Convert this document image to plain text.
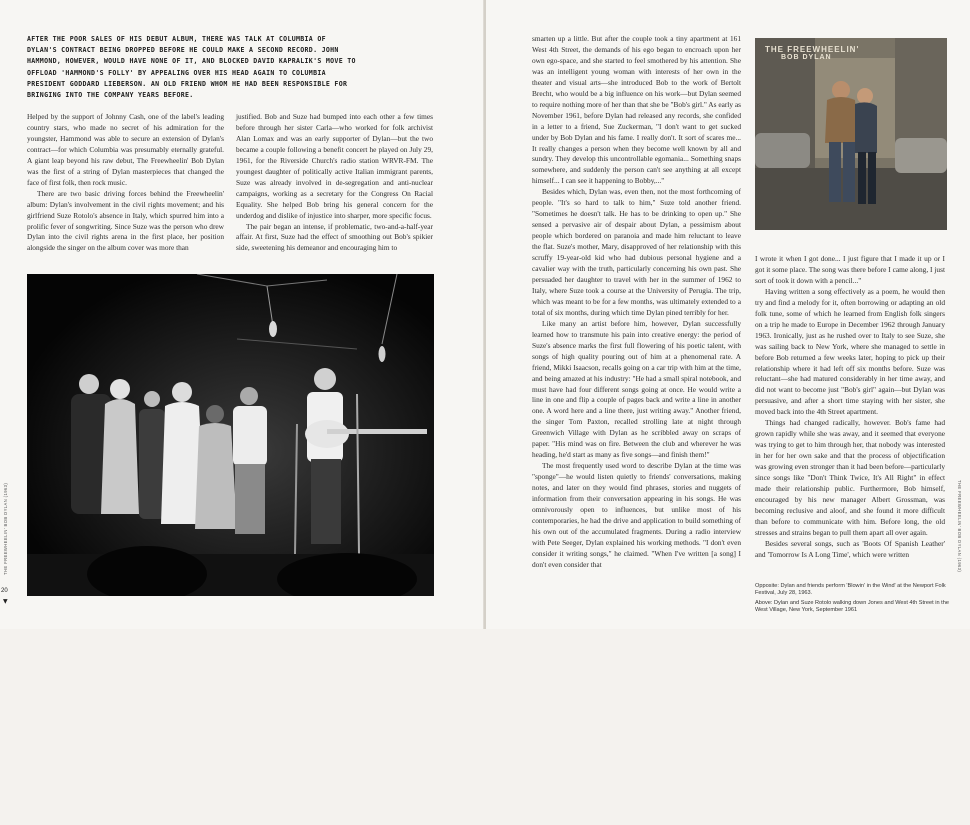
AFTER THE POOR SALES OF HIS DEBUT ALBUM, THERE WAS TALK AT COLUMBIA OF DYLAN'S CONTRACT BEING DROPPED BEFORE HE COULD MAKE A SECOND RECORD. JOHN HAMMOND, HOWEVER, WOULD HAVE NONE OF IT, AND BLOCKED DAVID KAPRALIK'S MOVE TO OFFLOAD 'HAMMOND'S FOLLY' BY APPEALING OVER HIS HEAD AGAIN TO COLUMBIA PRESIDENT GODDARD LIEBERSON. AN OLD FRIEND WHOM HE HAD BEEN RESPONSIBLE FOR BRINGING INTO THE COMPANY YEARS BEFORE.

Helped by the support of Johnny Cash, one of the label's leading country stars, who made no secret of his admiration for the youngster, Hammond was able to secure an extension of Dylan's contract—for which Columbia was presumably eternally grateful. A giant leap beyond his raw debut, The Freewheelin' Bob Dylan was the first of a string of Dylan masterpieces that changed the face of first folk, then rock music.

There are two basic driving forces behind the Freewheelin' album: Dylan's involvement in the civil rights movement; and his girlfriend Suze Rotolo's absence in Italy, which spurred him into a prolific fever of songwriting. Since Suze was the person who drew Dylan into the civil rights arena in the first place, her position alongside the singer on the album cover was more than

justified. Bob and Suze had bumped into each other a few times before through her sister Carla—who worked for folk archivist Alan Lomax and was an early supporter of Dylan—but the two became a couple following a benefit concert he played on July 29, 1961, for the Riverside Church's radio station WRVR-FM. The youngest daughter of politically active Italian immigrant parents, Suze was already involved in de-segregation and anti-nuclear campaigns, working as a secretary for the Congress On Racial Equality. She helped Bob bring his general concern for the underdog and dislike of injustice into sharper, more specific focus.

The pair began an intense, if problematic, two-and-a-half-year affair. At first, Suze had the effect of smoothing out Bob's spikier side, sweetening his demeanor and encouraging him to

THE FREEWHEELIN' BOB DYLAN (1963)
20
▼

smarten up a little. But after the couple took a tiny apartment at 161 West 4th Street, the demands of his ego began to encroach upon her own ego-space, and she started to feel smothered by his attention. She was an intelligent young woman with interests of her own in the theater and visual arts—she introduced Bob to the work of Bertolt Brecht, who would be a big influence on his work—but Dylan seemed to require nothing more of her than that she be "Bob's girl." As early as November 1961, before Dylan had released any records, she confided in a letter to a friend, Sue Zuckerman, "I don't want to get sucked under by Bob Dylan and his fame. I really don't. It sort of scares me... It really changes a person when they become well known by all and sundry. They develop this uncontrollable egomania... Something snaps somewhere, and suddenly the person can't see anything at all except himself... I can see it happening to Bobby,..."

Besides which, Dylan was, even then, not the most forthcoming of people. "It's so hard to talk to him," Suze told another friend. "Sometimes he doesn't talk. He has to be drinking to open up." She sensed a pervasive air of despair about Dylan, a pessimism about people which bordered on paranoia and made him reluctant to leave the flat. Suze's mother, Mary, disapproved of her relationship with this scruffy 19-year-old kid who had dubious personal hygiene and a cavalier way with the truth, particularly concerning his own past. She persuaded her daughter to travel with her in the summer of 1962 to Italy, where Suze took a course at the University of Perugia. The trip, which was meant to be for a few months, was ultimately extended to a total of six months, during which time Dylan pined terribly for her.

Like many an artist before him, however, Dylan successfully learned how to transmute his pain into creative energy: the period of Suze's absence marks the first full flowering of his poetic talent, with songs of high quality pouring out of him at a phenomenal rate. A friend, Mikki Isaacson, recalls going on a car trip with him at the time, and being amazed at his industry: "He had a small spiral notebook, and must have had four different songs going at once. He would write a line in one and flip a couple of pages back and write a line in another one. A word here and a line there, just writing away." Another friend, the singer Tom Paxton, recalled strolling late at night through Greenwich Village with Dylan as he scribbled away on scraps of paper. "His mind was on fire. Between the club and wherever he was heading, he'd start as many as five songs—and finish them!"

The most frequently used word to describe Dylan at the time was "sponge"—he would listen quietly to friends' conversations, making notes, and later on they would find phrases, stories and nuggets of information from their conversation appearing in his songs. He was omnivorously open to influences, but unlike most of his contemporaries, he had the drive and application to build something of his own out of the accumulated fragments. During a radio interview with Pete Seeger, Dylan explained his working methods. "I don't even consider it writing songs," he claimed. "When I've written [a song] I don't even consider that

THE FREEWHEELIN'
BOB DYLAN

I wrote it when I got done... I just figure that I made it up or I got it some place. The song was there before I came along, I just sort of took it down with a pencil..."

Having written a song effectively as a poem, he would then try and find a melody for it, often borrowing or adapting an old folk tune, some of which he learned from English folk singers on a trip he made to Europe in December 1962 through January 1963. Ironically, just as he rushed over to Italy to see Suze, she was sailing back to New York, where she managed to settle in before Bob returned a few weeks later, hoping to pick up their relationship where it had left off six months before. Suze was reluctant—she had matured considerably in her time away, and did not want to become just "Bob's girl" again—but Dylan was persuasive, and after a short time staying with her sister, she moved back into the 4th Street apartment.

Things had changed radically, however. Bob's fame had grown rapidly while she was away, and it seemed that everyone was trying to get to him through her, that nobody was interested in her for her own sake and that the process of objectification was growing even stronger than it had been before—particularly since songs like "Don't Think Twice, It's All Right" in effect made their relationship public. Furthermore, Bob himself, encouraged by his new manager Albert Grossman, was becoming reclusive and aloof, and she found it more difficult than before to communicate with him. Before long, the old stresses and strains began to pull them apart all over again.

Besides several songs, such as 'Boots Of Spanish Leather' and 'Tomorrow Is A Long Time', which were written

Opposite: Dylan and friends perform 'Blowin' in the Wind' at the Newport Folk Festival, July 28, 1963.

Above: Dylan and Suze Rotolo walking down Jones and West 4th Street in the West Village, New York, September 1961

THE FREEWHEELIN' BOB DYLAN (1963)
